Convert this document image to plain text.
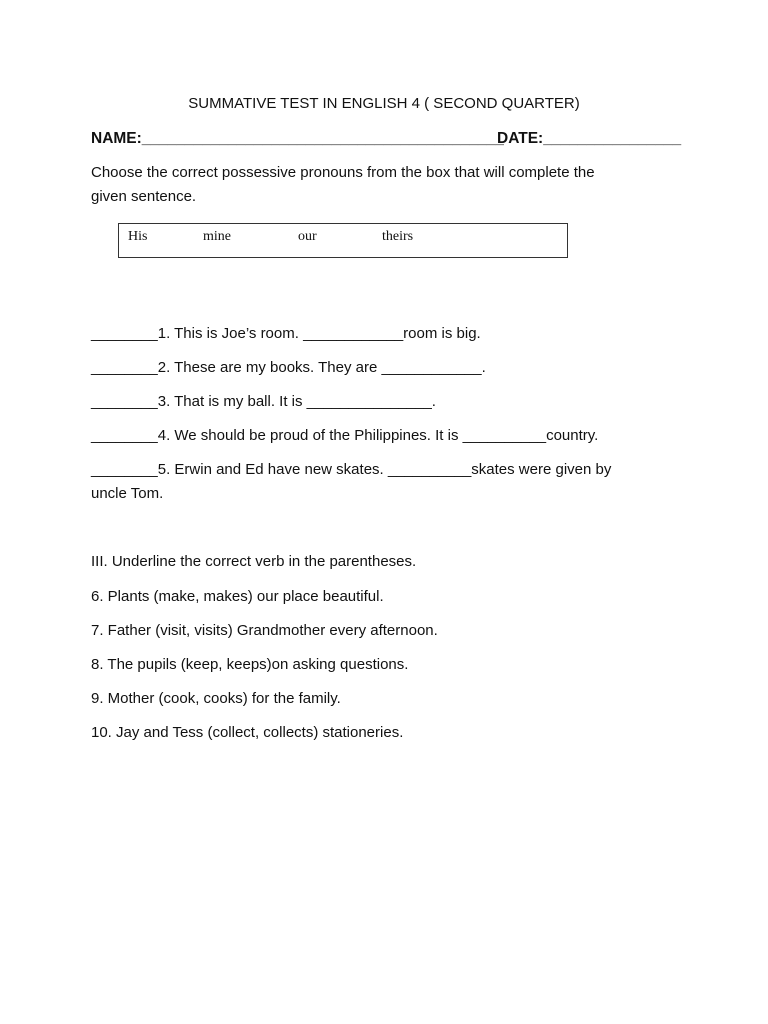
SUMMATIVE TEST IN ENGLISH 4 ( SECOND QUARTER)
NAME:__________________________________________
DATE:________________
Choose the correct possessive pronouns from the box that will complete the
given sentence.
His	mine	our	theirs
________1. This is Joe’s room. ____________room is big.
________2. These are my books. They are ____________.
________3. That is my ball. It is _______________.
________4. We should be proud of the Philippines. It is __________country.
________5. Erwin and Ed have new skates. __________skates were given by
uncle Tom.
III. Underline the correct verb in the parentheses.
6. Plants (make, makes) our place beautiful.
7. Father (visit, visits) Grandmother every afternoon.
8. The pupils (keep, keeps)on asking questions.
9. Mother (cook, cooks) for the family.
10. Jay and Tess (collect, collects) stationeries.
